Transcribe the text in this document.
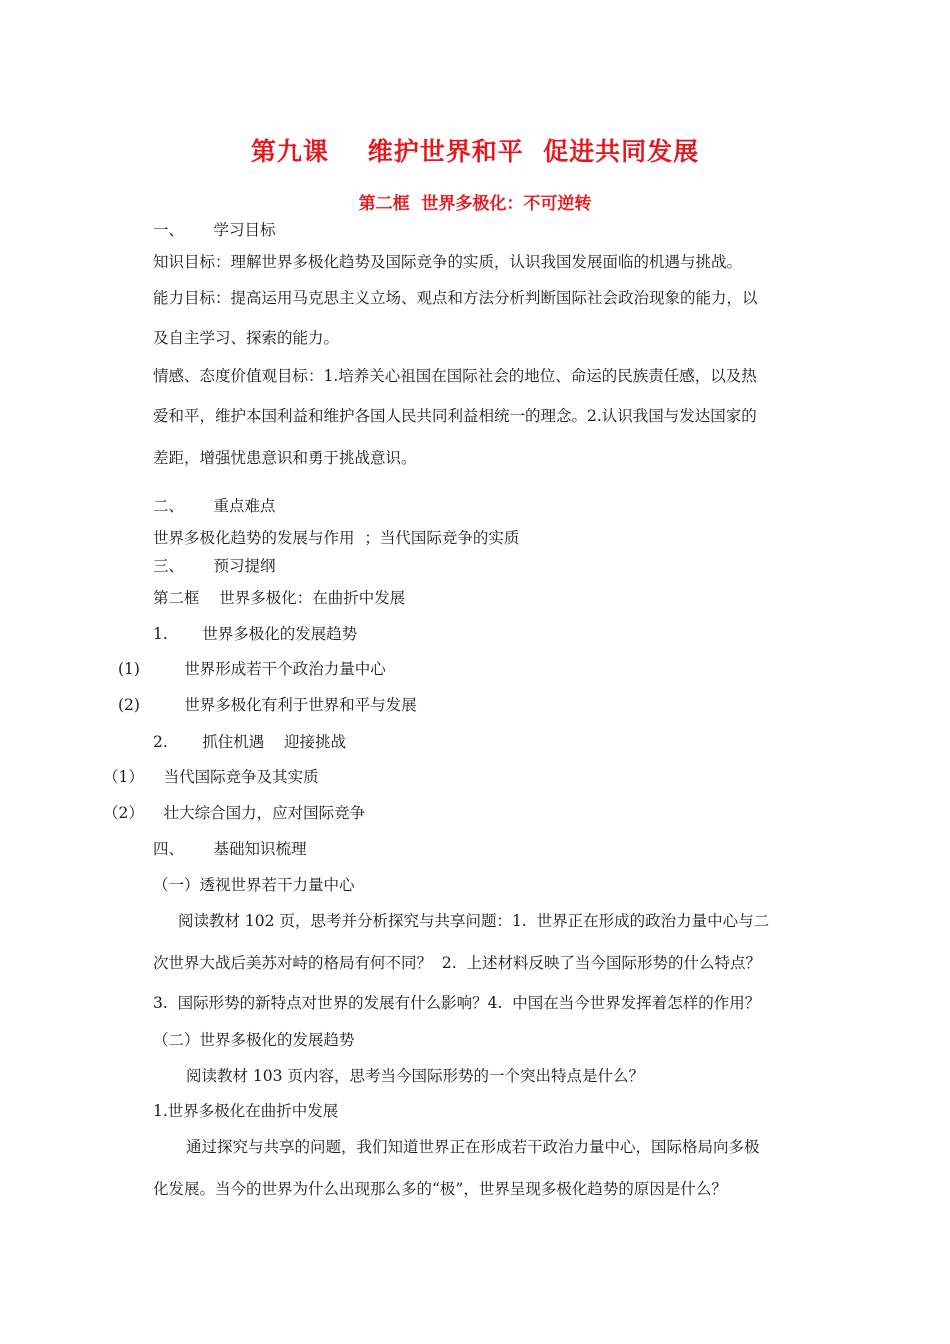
第九课    维护世界和平  促进共同发展
第二框  世界多极化：不可逆转
一、      学习目标
知识目标：理解世界多极化趋势及国际竞争的实质，认识我国发展面临的机遇与挑战。
能力目标：提高运用马克思主义立场、观点和方法分析判断国际社会政治现象的能力，以
及自主学习、探索的能力。
情感、态度价值观目标：1.培养关心祖国在国际社会的地位、命运的民族责任感，以及热
爱和平，维护本国利益和维护各国人民共同利益相统一的理念。2.认识我国与发达国家的
差距，增强忧患意识和勇于挑战意识。
二、      重点难点
世界多极化趋势的发展与作用  ；当代国际竞争的实质
三、      预习提纲
第二框    世界多极化：在曲折中发展
1.       世界多极化的发展趋势
(1)         世界形成若干个政治力量中心
(2)         世界多极化有利于世界和平与发展
2.       抓住机遇    迎接挑战
（1）    当代国际竞争及其实质
（2）    壮大综合国力，应对国际竞争
四、      基础知识梳理
（一）透视世界若干力量中心
阅读教材 102 页，思考并分析探究与共享问题：1.  世界正在形成的政治力量中心与二
次世界大战后美苏对峙的格局有何不同？  2.  上述材料反映了当今国际形势的什么特点？
3.  国际形势的新特点对世界的发展有什么影响？4.  中国在当今世界发挥着怎样的作用？
（二）世界多极化的发展趋势
阅读教材 103 页内容，思考当今国际形势的一个突出特点是什么？
1.世界多极化在曲折中发展
通过探究与共享的问题，我们知道世界正在形成若干政治力量中心，国际格局向多极
化发展。当今的世界为什么出现那么多的“极”，世界呈现多极化趋势的原因是什么？
